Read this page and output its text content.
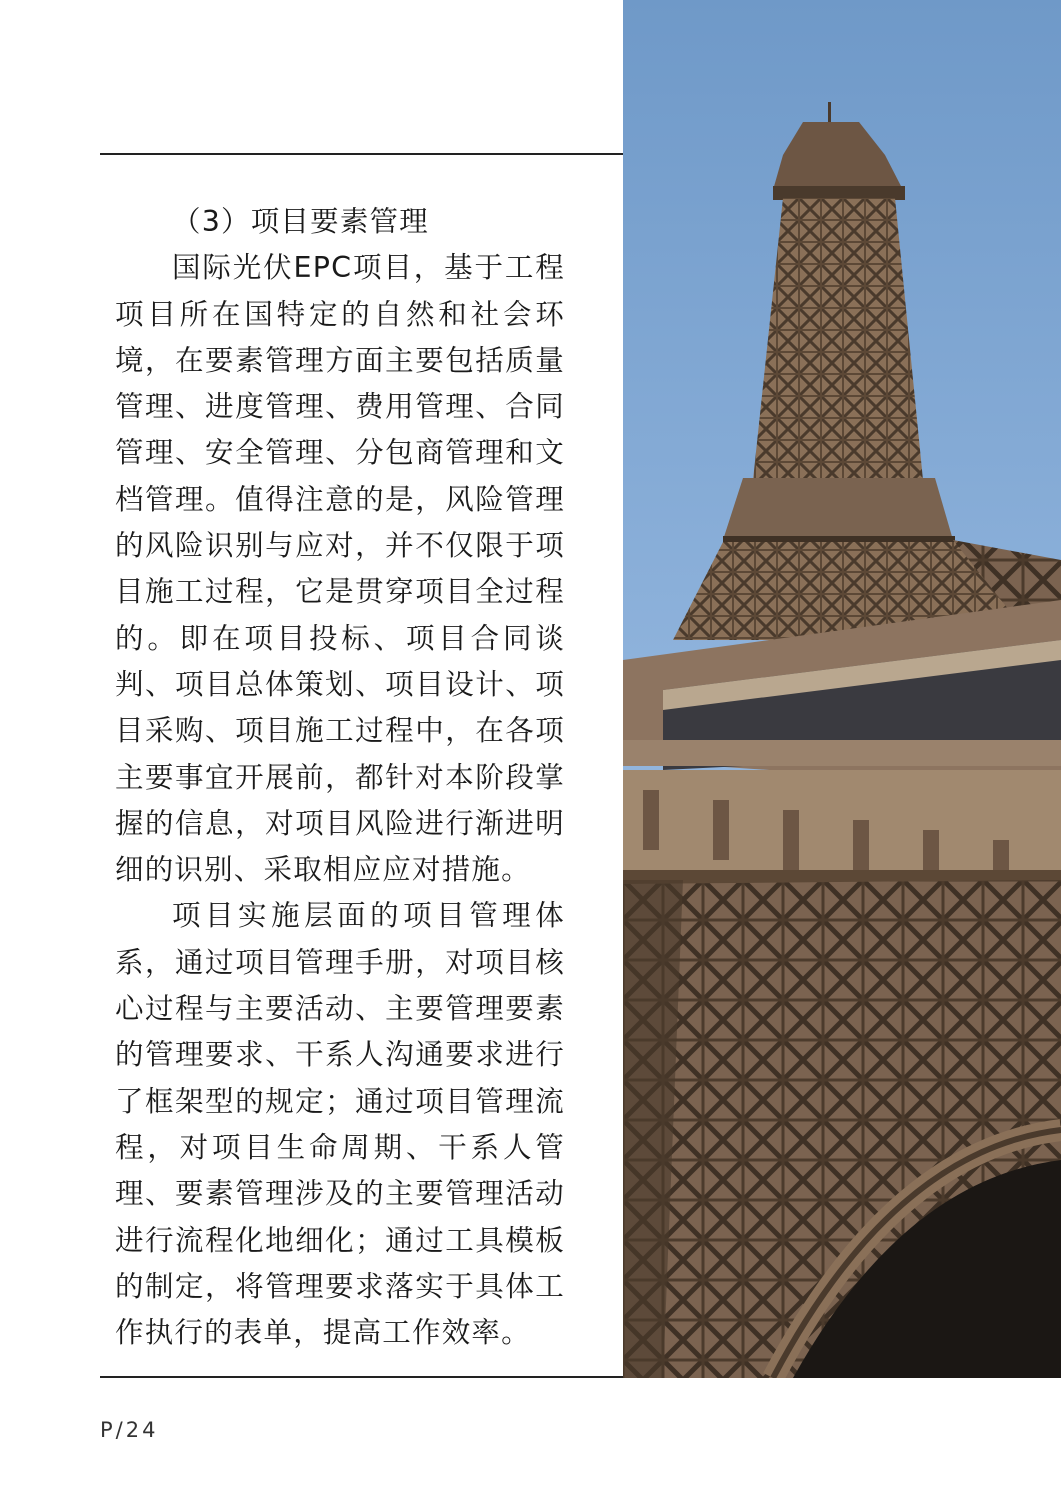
（3）项目要素管理

国际光伏EPC项目，基于工程项目所在国特定的自然和社会环境，在要素管理方面主要包括质量管理、进度管理、费用管理、合同管理、安全管理、分包商管理和文档管理。值得注意的是，风险管理的风险识别与应对，并不仅限于项目施工过程，它是贯穿项目全过程的。即在项目投标、项目合同谈判、项目总体策划、项目设计、项目采购、项目施工过程中，在各项主要事宜开展前，都针对本阶段掌握的信息，对项目风险进行渐进明细的识别、采取相应应对措施。

项目实施层面的项目管理体系，通过项目管理手册，对项目核心过程与主要活动、主要管理要素的管理要求、干系人沟通要求进行了框架型的规定；通过项目管理流程，对项目生命周期、干系人管理、要素管理涉及的主要管理活动进行流程化地细化；通过工具模板的制定，将管理要求落实于具体工作执行的表单，提高工作效率。

P/24
